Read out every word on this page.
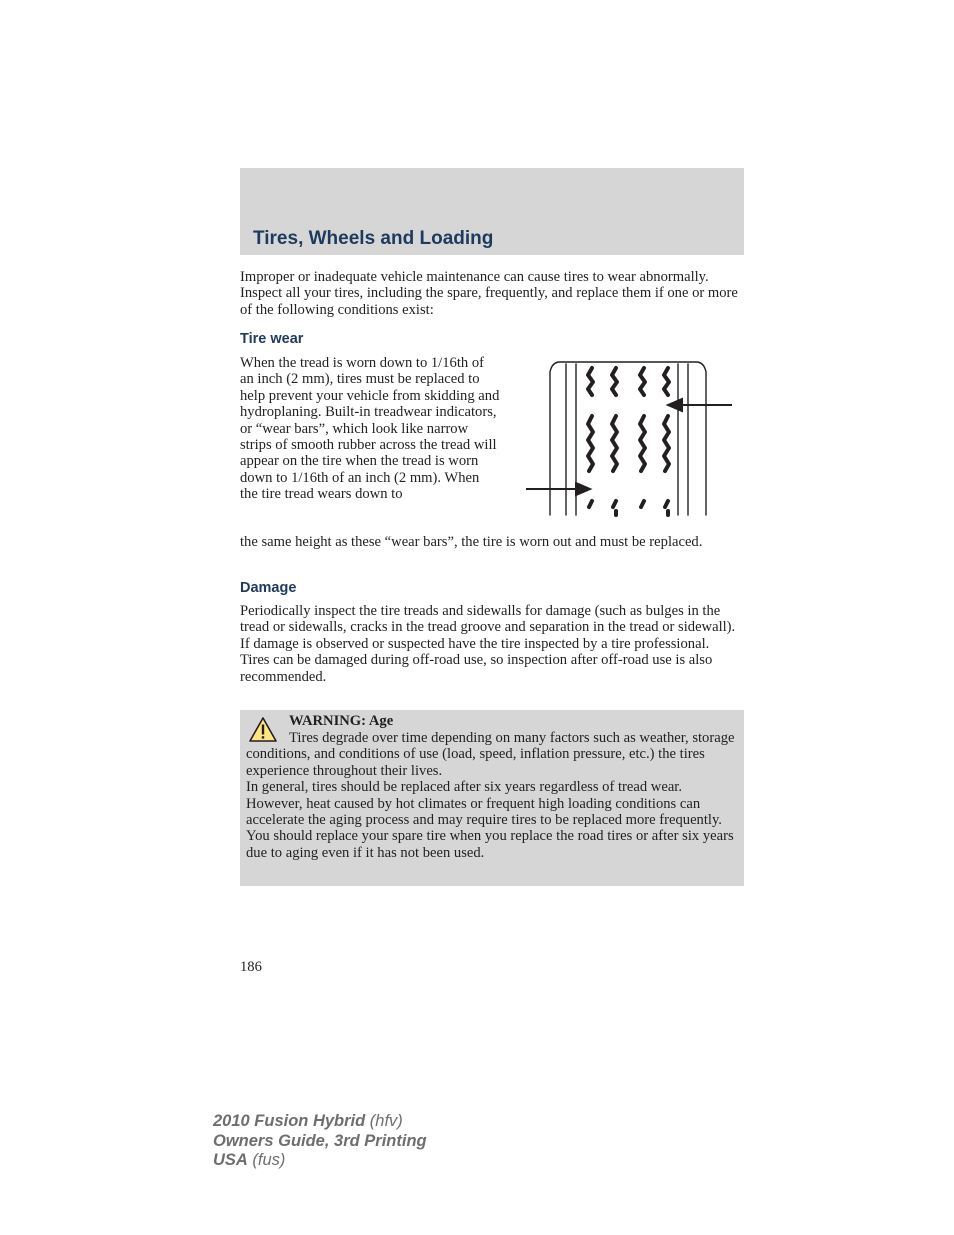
Tires, Wheels and Loading

Improper or inadequate vehicle maintenance can cause tires to wear abnormally. Inspect all your tires, including the spare, frequently, and replace them if one or more of the following conditions exist:

Tire wear

When the tread is worn down to 1/16th of an inch (2 mm), tires must be replaced to help prevent your vehicle from skidding and hydroplaning. Built-in treadwear indicators, or “wear bars”, which look like narrow strips of smooth rubber across the tread will appear on the tire when the tread is worn down to 1/16th of an inch (2 mm). When the tire tread wears down to

the same height as these “wear bars”, the tire is worn out and must be replaced.

Damage

Periodically inspect the tire treads and sidewalls for damage (such as bulges in the tread or sidewalls, cracks in the tread groove and separation in the tread or sidewall). If damage is observed or suspected have the tire inspected by a tire professional. Tires can be damaged during off-road use, so inspection after off-road use is also recommended.

WARNING: Age

Tires degrade over time depending on many factors such as weather, storage conditions, and conditions of use (load, speed, inflation pressure, etc.) the tires experience throughout their lives.
In general, tires should be replaced after six years regardless of tread wear. However, heat caused by hot climates or frequent high loading conditions can accelerate the aging process and may require tires to be replaced more frequently.
You should replace your spare tire when you replace the road tires or after six years due to aging even if it has not been used.

186

2010 Fusion Hybrid (hfv)
Owners Guide, 3rd Printing
USA (fus)
